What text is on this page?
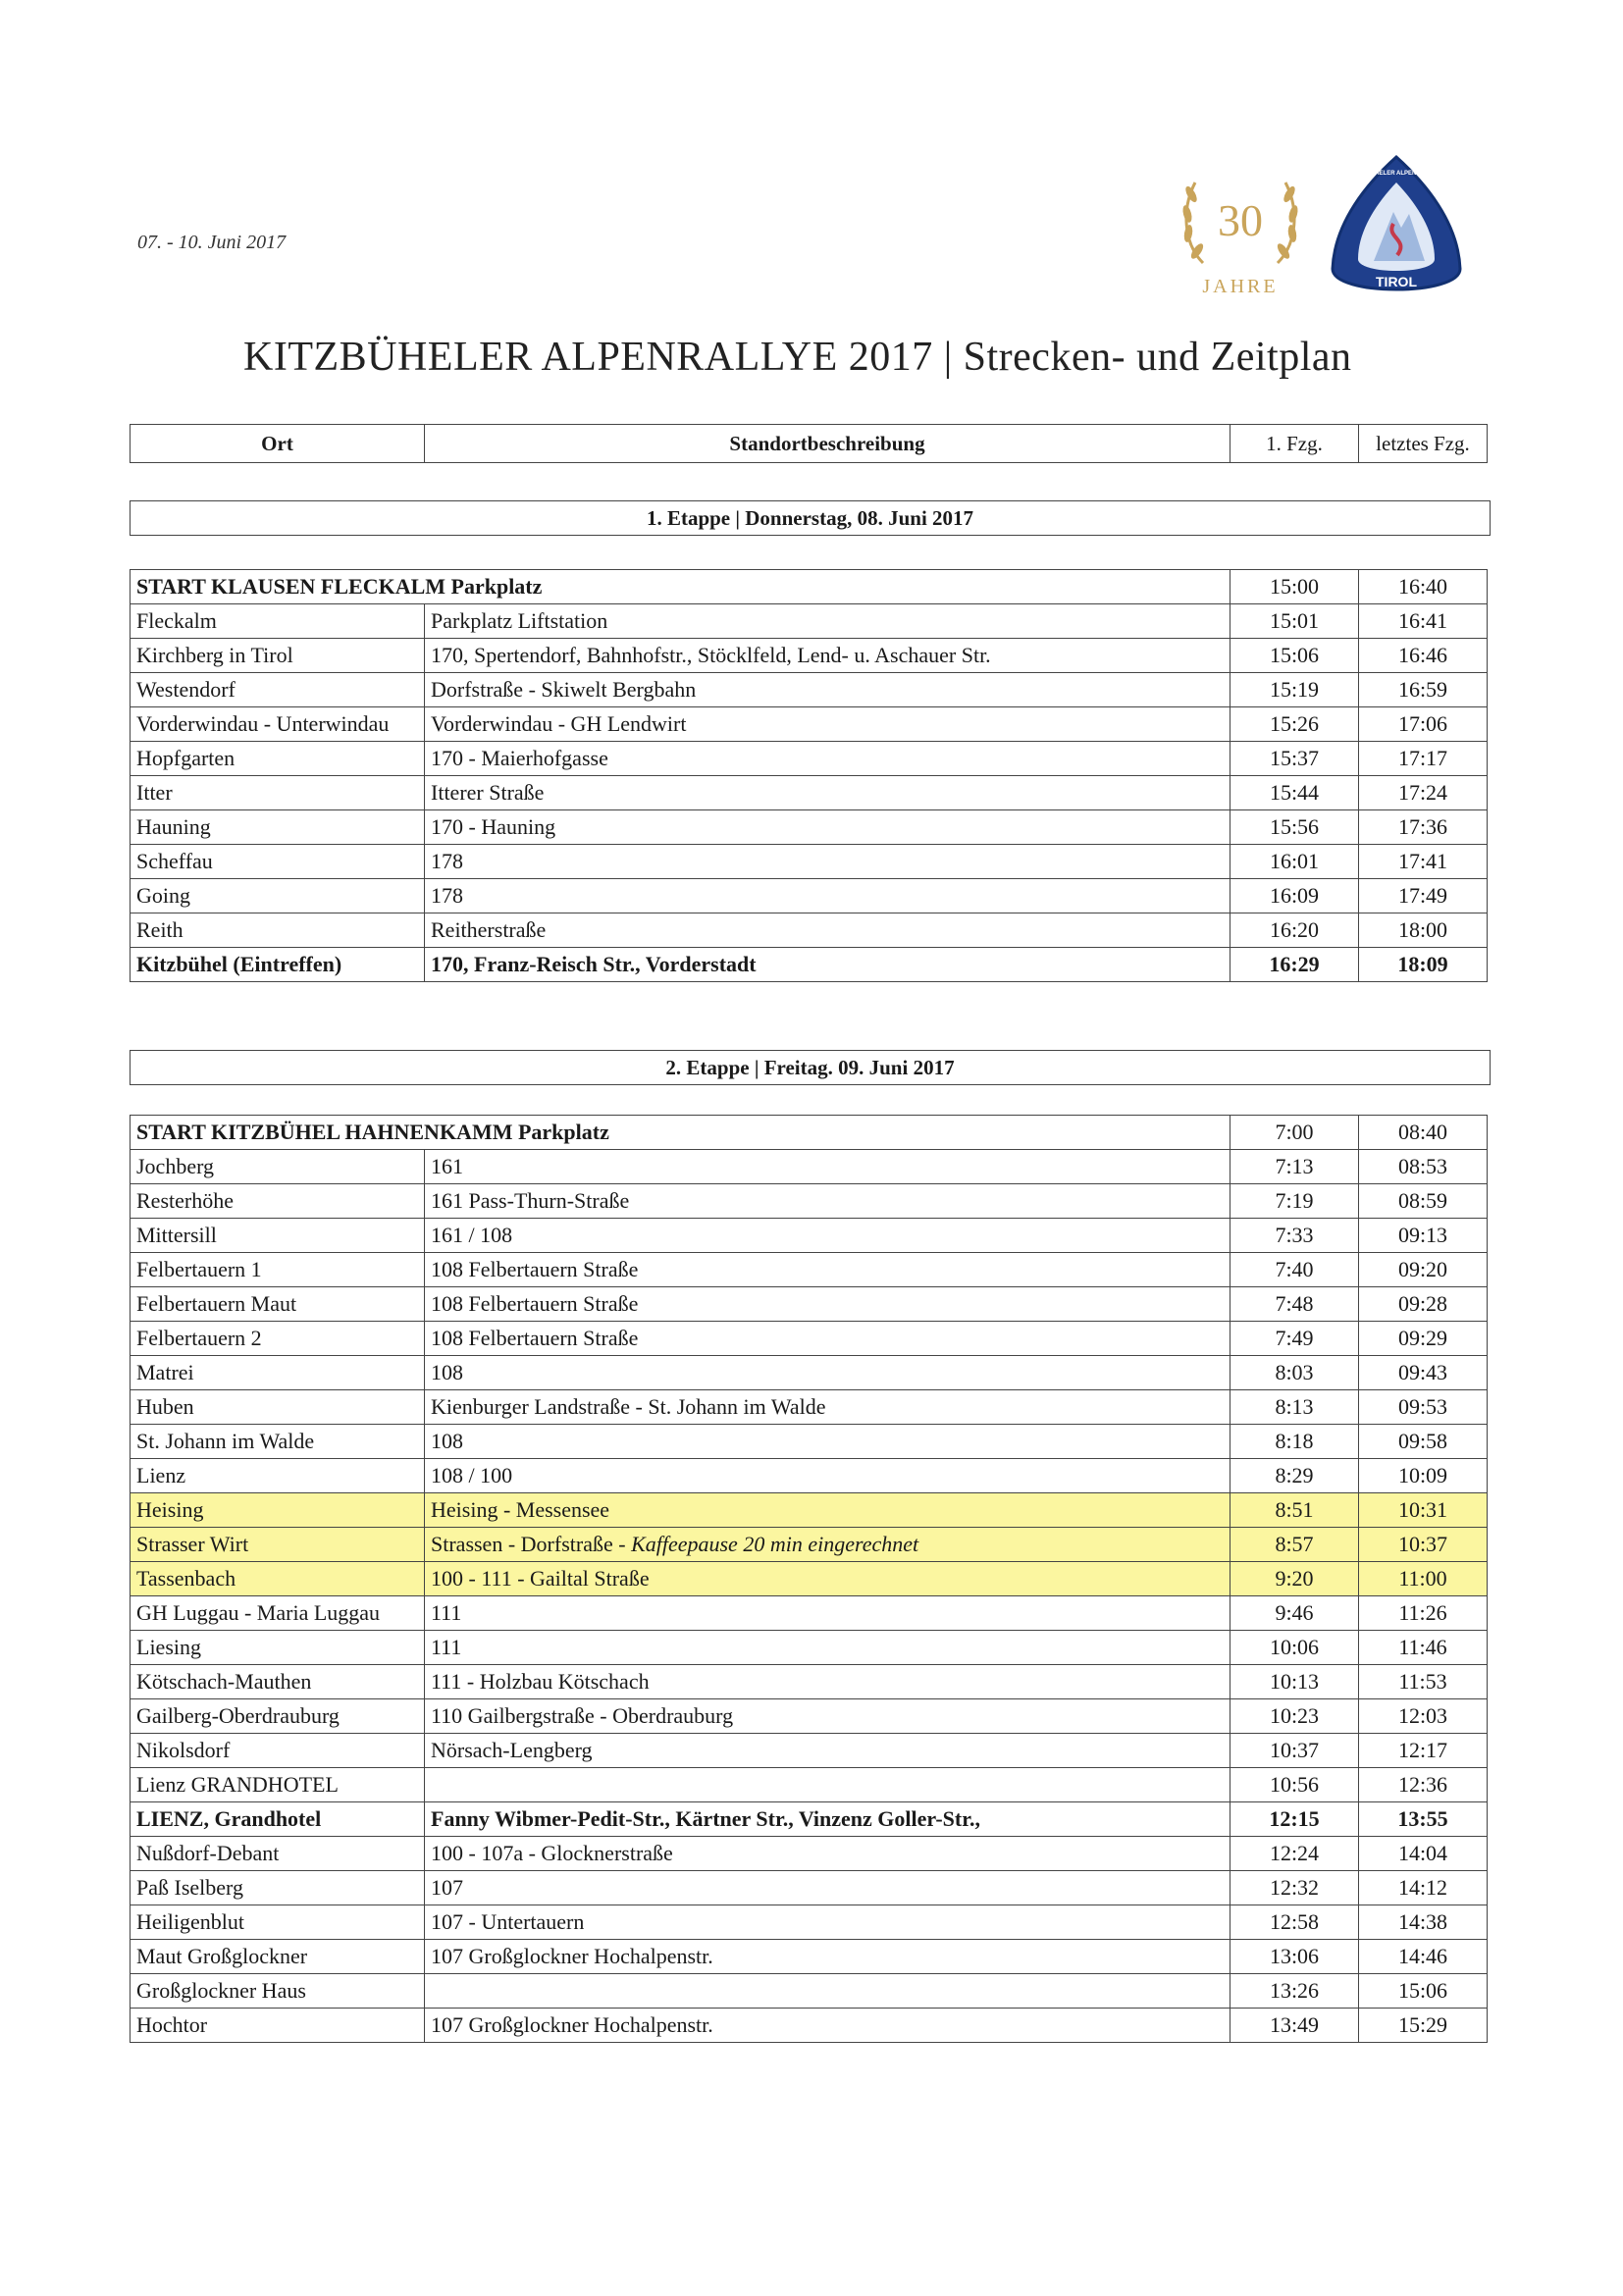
07. - 10. Juni 2017	30
JAHRE	TIROL
KITZBÜHELER ALPENRALLYE
KITZBÜHELER ALPENRALLYE 2017 | Strecken- und Zeitplan
Ort	Standortbeschreibung	1. Fzg.	letztes Fzg.
1. Etappe | Donnerstag, 08. Juni 2017
START KLAUSEN FLECKALM Parkplatz		15:00	16:40
Fleckalm	Parkplatz Liftstation	15:01	16:41
Kirchberg in Tirol	170, Spertendorf, Bahnhofstr., Stöcklfeld, Lend- u. Aschauer Str.	15:06	16:46
Westendorf	Dorfstraße - Skiwelt Bergbahn	15:19	16:59
Vorderwindau - Unterwindau	Vorderwindau - GH Lendwirt	15:26	17:06
Hopfgarten	170 - Maierhofgasse	15:37	17:17
Itter	Itterer Straße	15:44	17:24
Hauning	170 - Hauning	15:56	17:36
Scheffau	178	16:01	17:41
Going	178	16:09	17:49
Reith	Reitherstraße	16:20	18:00
Kitzbühel (Eintreffen)	170, Franz-Reisch Str., Vorderstadt	16:29	18:09
2. Etappe | Freitag. 09. Juni 2017
START KITZBÜHEL HAHNENKAMM Parkplatz		7:00	08:40
Jochberg	161	7:13	08:53
Resterhöhe	161 Pass-Thurn-Straße	7:19	08:59
Mittersill	161 / 108	7:33	09:13
Felbertauern 1	108 Felbertauern Straße	7:40	09:20
Felbertauern Maut	108 Felbertauern Straße	7:48	09:28
Felbertauern 2	108 Felbertauern Straße	7:49	09:29
Matrei	108	8:03	09:43
Huben	Kienburger Landstraße - St. Johann im Walde	8:13	09:53
St. Johann im Walde	108	8:18	09:58
Lienz	108 / 100	8:29	10:09
Heising	Heising - Messensee	8:51	10:31
Strasser Wirt	Strassen - Dorfstraße - Kaffeepause 20 min eingerechnet	8:57	10:37
Tassenbach	100 - 111 - Gailtal Straße	9:20	11:00
GH Luggau - Maria Luggau	111	9:46	11:26
Liesing	111	10:06	11:46
Kötschach-Mauthen	111 - Holzbau Kötschach	10:13	11:53
Gailberg-Oberdrauburg	110 Gailbergstraße - Oberdrauburg	10:23	12:03
Nikolsdorf	Nörsach-Lengberg	10:37	12:17
Lienz GRANDHOTEL		10:56	12:36
LIENZ, Grandhotel	Fanny Wibmer-Pedit-Str., Kärtner Str., Vinzenz Goller-Str.,	12:15	13:55
Nußdorf-Debant	100 - 107a - Glocknerstraße	12:24	14:04
Paß Iselberg	107	12:32	14:12
Heiligenblut	107 - Untertauern	12:58	14:38
Maut Großglockner	107 Großglockner Hochalpenstr.	13:06	14:46
Großglockner Haus		13:26	15:06
Hochtor	107 Großglockner Hochalpenstr.	13:49	15:29
